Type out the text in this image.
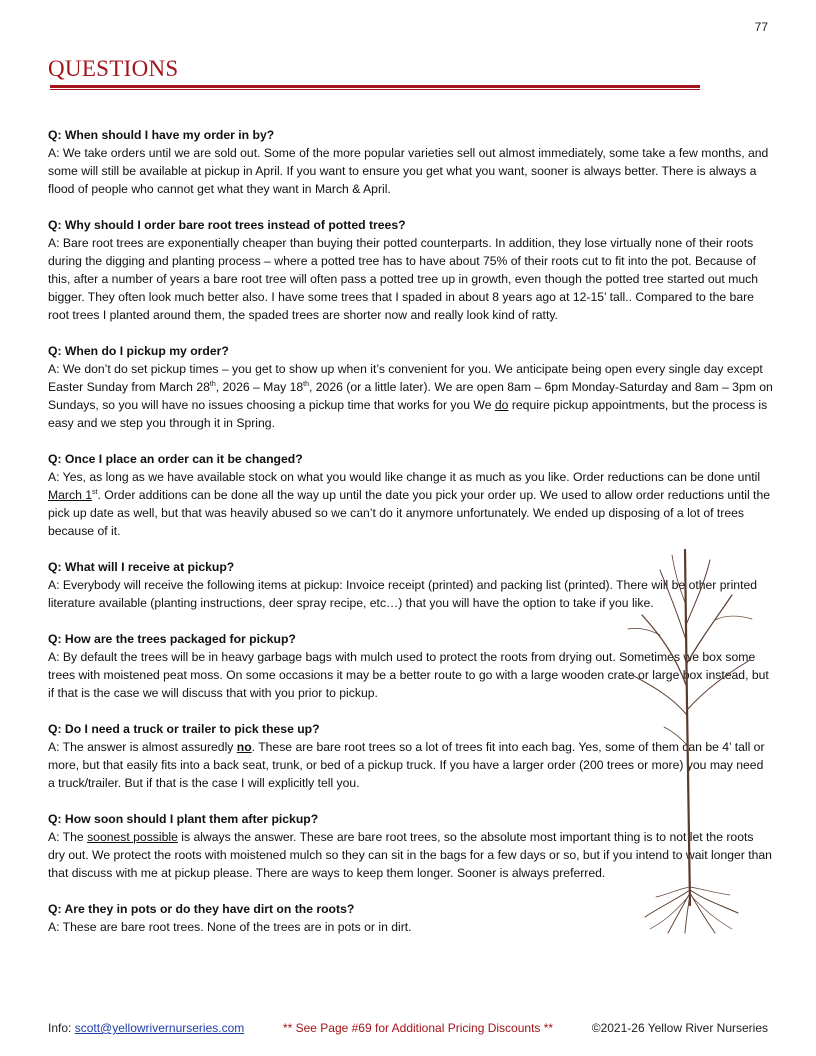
77
QUESTIONS

Q: When should I have my order in by?

A: We take orders until we are sold out. Some of the more popular varieties sell out almost immediately, some take a few months, and some will still be available at pickup in April. If you want to ensure you get what you want, sooner is always better. There is always a flood of people who cannot get what they want in March & April.

Q: Why should I order bare root trees instead of potted trees?

A: Bare root trees are exponentially cheaper than buying their potted counterparts. In addition, they lose virtually none of their roots during the digging and planting process – where a potted tree has to have about 75% of their roots cut to fit into the pot. Because of this, after a number of years a bare root tree will often pass a potted tree up in growth, even though the potted tree started out much bigger. They often look much better also. I have some trees that I spaded in about 8 years ago at 12-15’ tall.. Compared to the bare root trees I planted around them, the spaded trees are shorter now and really look kind of ratty.

Q: When do I pickup my order?

A: We don’t do set pickup times – you get to show up when it’s convenient for you. We anticipate being open every single day except Easter Sunday from March 28th, 2026 – May 18th, 2026 (or a little later). We are open 8am – 6pm Monday-Saturday and 8am – 3pm on Sundays, so you will have no issues choosing a pickup time that works for you We do require pickup appointments, but the process is easy and we step you through it in Spring.

Q: Once I place an order can it be changed?

A: Yes, as long as we have available stock on what you would like change it as much as you like. Order reductions can be done until March 1st. Order additions can be done all the way up until the date you pick your order up. We used to allow order reductions until the pick up date as well, but that was heavily abused so we can’t do it anymore unfortunately. We ended up disposing of a lot of trees because of it.

Q: What will I receive at pickup?

A: Everybody will receive the following items at pickup: Invoice receipt (printed) and packing list (printed). There will be other printed literature available (planting instructions, deer spray recipe, etc…) that you will have the option to take if you like.

Q: How are the trees packaged for pickup?

A: By default the trees will be in heavy garbage bags with mulch used to protect the roots from drying out. Sometimes we box some trees with moistened peat moss. On some occasions it may be a better route to go with a large wooden crate or large box instead, but if that is the case we will discuss that with you prior to pickup.

Q: Do I need a truck or trailer to pick these up?

A: The answer is almost assuredly no. These are bare root trees so a lot of trees fit into each bag. Yes, some of them can be 4’ tall or more, but that easily fits into a back seat, trunk, or bed of a pickup truck. If you have a larger order (200 trees or more) you may need a truck/trailer. But if that is the case I will explicitly tell you.

Q: How soon should I plant them after pickup?

A: The soonest possible is always the answer. These are bare root trees, so the absolute most important thing is to not let the roots dry out. We protect the roots with moistened mulch so they can sit in the bags for a few days or so, but if you intend to wait longer than that discuss with me at pickup please. There are ways to keep them longer. Sooner is always preferred.

Q: Are they in pots or do they have dirt on the roots?

A: These are bare root trees. None of the trees are in pots or in dirt.

Info: scott@yellowrivernurseries.com	** See Page #69 for Additional Pricing Discounts **	©2021-26 Yellow River Nurseries
